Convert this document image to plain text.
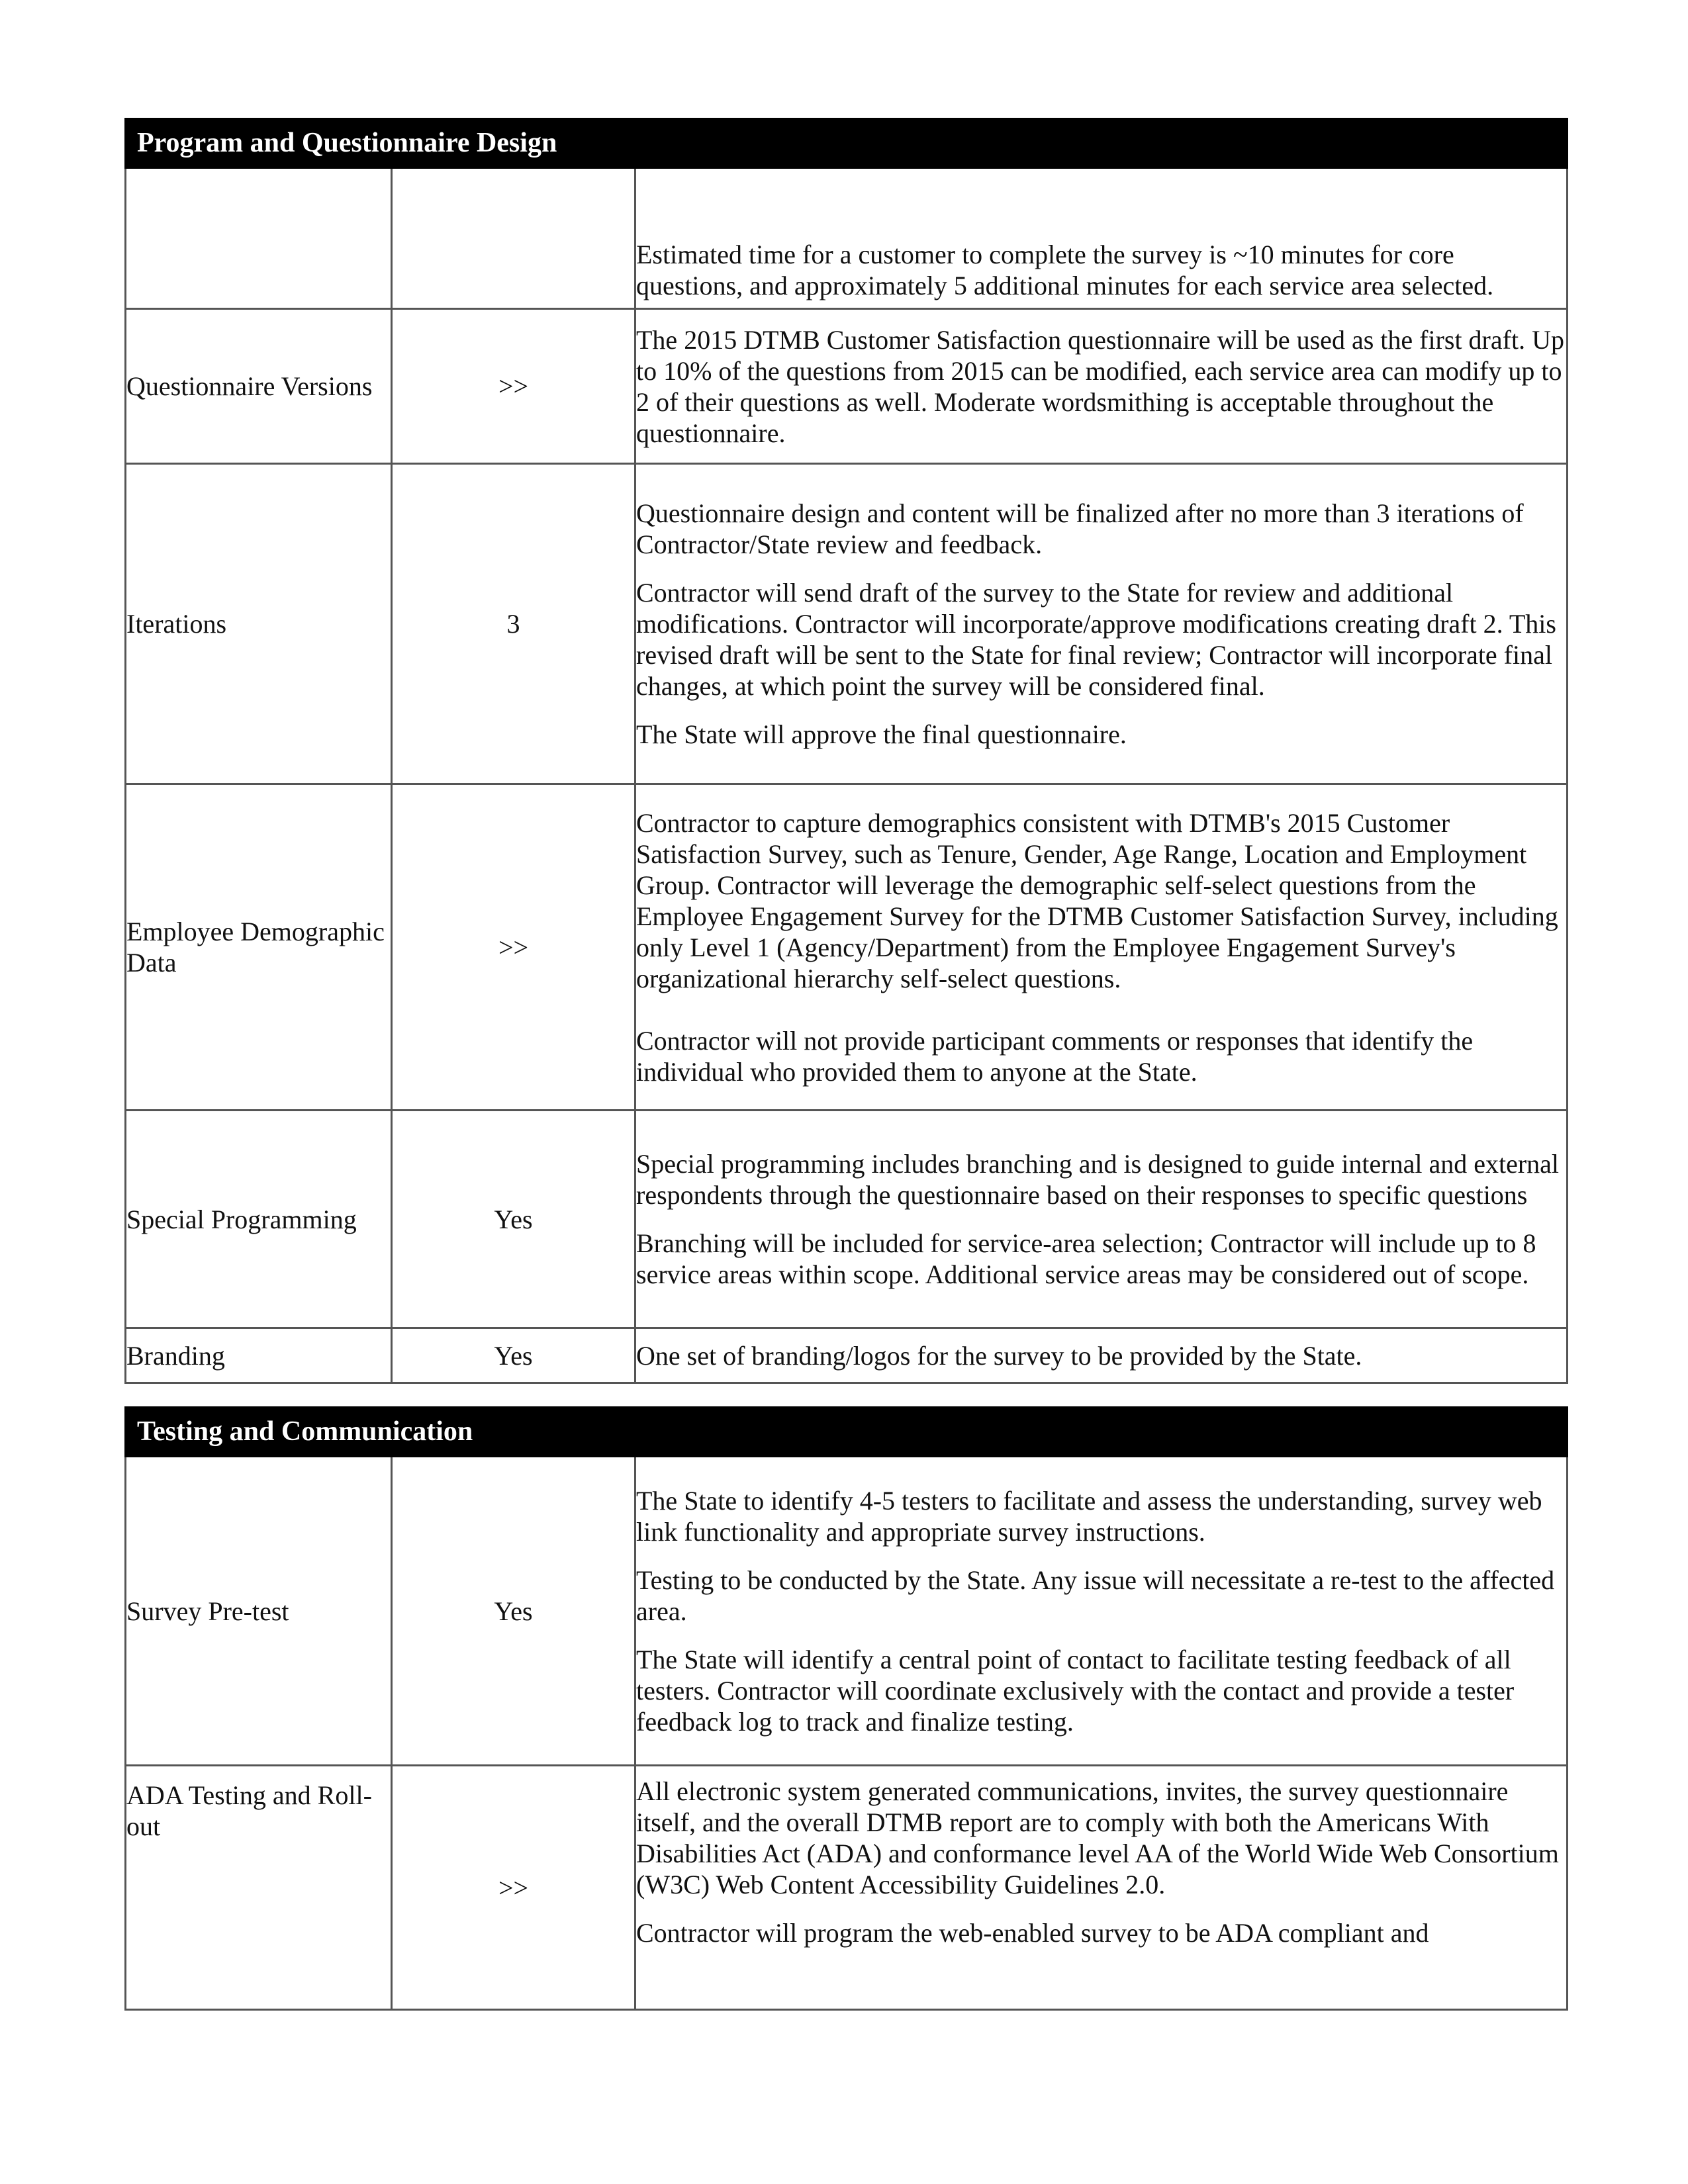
Program and Questionnaire Design		

		Estimated time for a customer to complete the survey is ~10 minutes for core questions, and approximately 5 additional minutes for each service area selected.

Questionnaire Versions	>>	The 2015 DTMB Customer Satisfaction questionnaire will be used as the first draft. Up to 10% of the questions from 2015 can be modified, each service area can modify up to 2 of their questions as well. Moderate wordsmithing is acceptable throughout the questionnaire.

Iterations	3	Questionnaire design and content will be finalized after no more than 3 iterations of Contractor/State review and feedback.

Contractor will send draft of the survey to the State for review and additional modifications. Contractor will incorporate/approve modifications creating draft 2. This revised draft will be sent to the State for final review; Contractor will incorporate final changes, at which point the survey will be considered final.

The State will approve the final questionnaire.

Employee Demographic Data	>>	Contractor to capture demographics consistent with DTMB's 2015 Customer Satisfaction Survey, such as Tenure, Gender, Age Range, Location and Employment Group. Contractor will leverage the demographic self-select questions from the Employee Engagement Survey for the DTMB Customer Satisfaction Survey, including only Level 1 (Agency/Department) from the Employee Engagement Survey's organizational hierarchy self-select questions.

Contractor will not provide participant comments or responses that identify the individual who provided them to anyone at the State.

Special Programming	Yes	Special programming includes branching and is designed to guide internal and external respondents through the questionnaire based on their responses to specific questions

Branching will be included for service-area selection; Contractor will include up to 8 service areas within scope. Additional service areas may be considered out of scope.

Branding	Yes	One set of branding/logos for the survey to be provided by the State.

Testing and Communication		
Survey Pre-test	Yes	The State to identify 4-5 testers to facilitate and assess the understanding, survey web link functionality and appropriate survey instructions.

Testing to be conducted by the State. Any issue will necessitate a re-test to the affected area.

The State will identify a central point of contact to facilitate testing feedback of all testers. Contractor will coordinate exclusively with the contact and provide a tester feedback log to track and finalize testing.

ADA Testing and Roll-out	>>	All electronic system generated communications, invites, the survey questionnaire itself, and the overall DTMB report are to comply with both the Americans With Disabilities Act (ADA) and conformance level AA of the World Wide Web Consortium (W3C) Web Content Accessibility Guidelines 2.0.

Contractor will program the web-enabled survey to be ADA compliant and
